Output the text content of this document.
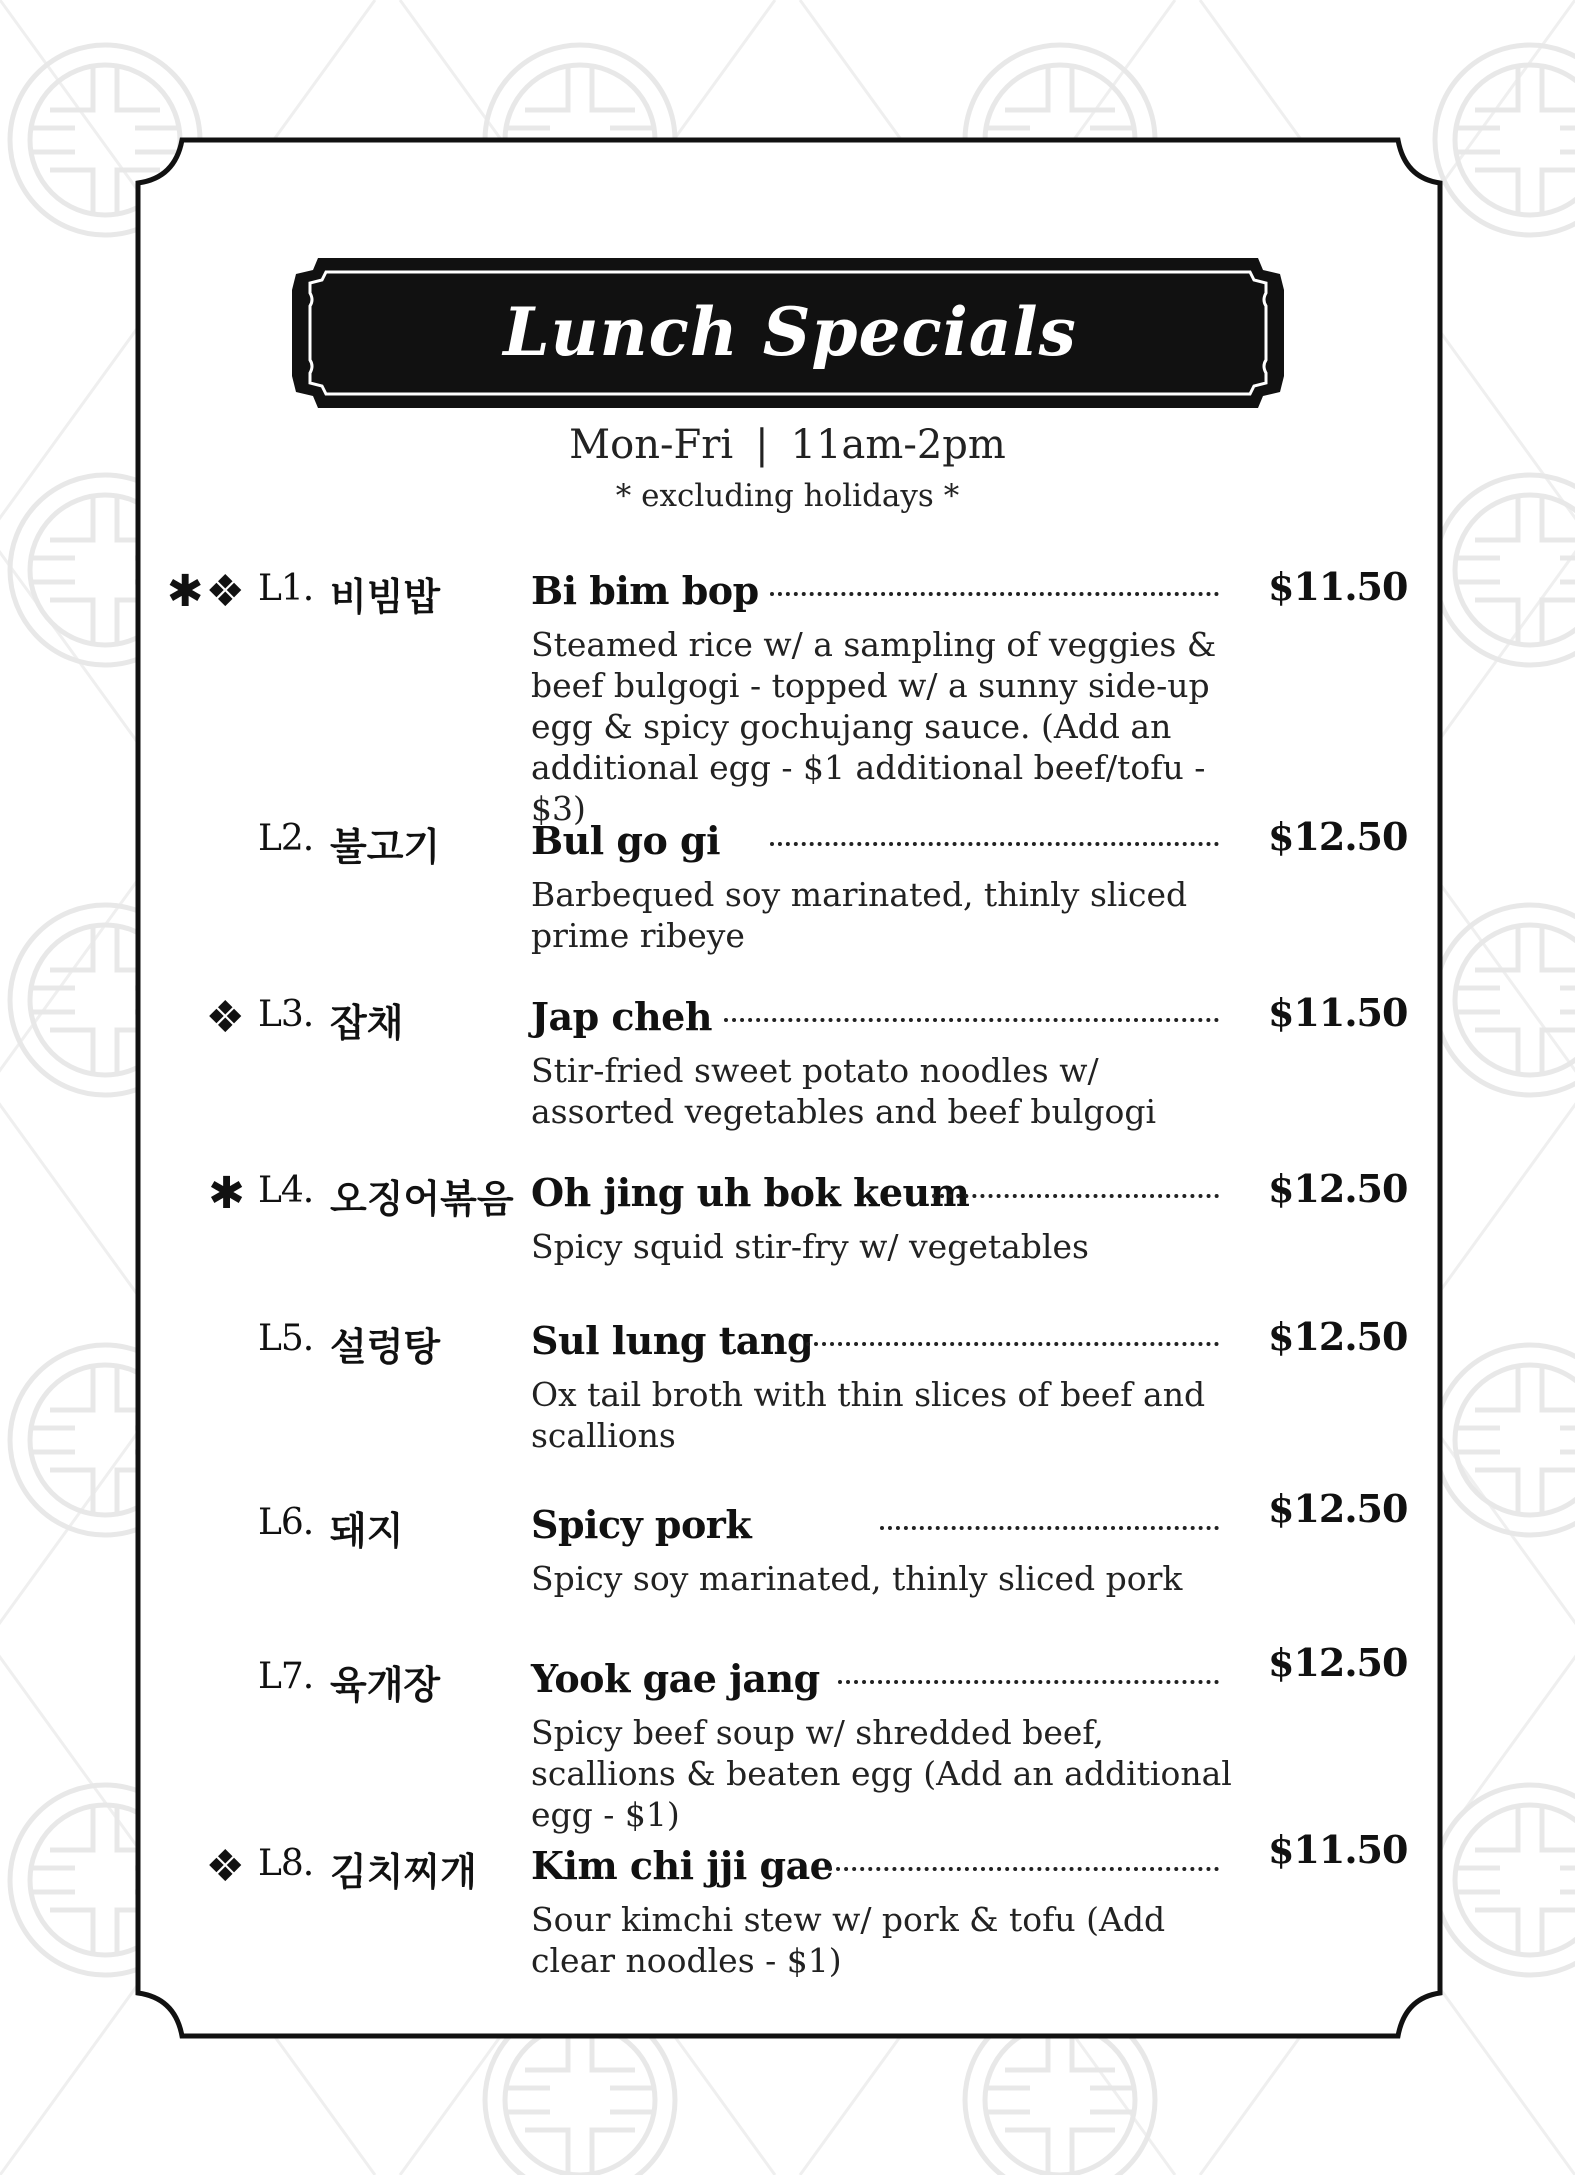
Lunch Specials
Mon-Fri | 11am-2pm
* excluding holidays *
✱❖ L1. 비빔밥 Bi bim bop	$11.50
Steamed rice w/ a sampling of veggies & beef bulgogi - topped w/ a sunny side-up egg & spicy gochujang sauce. (Add an additional egg - $1 additional beef/tofu - $3)
L2. 불고기 Bul go gi	$12.50
Barbequed soy marinated, thinly sliced prime ribeye
❖ L3. 잡채	Jap cheh	$11.50
Stir-fried sweet potato noodles w/ assorted vegetables and beef bulgogi
✱ L4. 오징어볶음 Oh jing uh bok keum	$12.50
Spicy squid stir-fry w/ vegetables
L5. 설렁탕 Sul lung tang	$12.50
Ox tail broth with thin slices of beef and scallions
L6. 돼지	Spicy pork	$12.50
Spicy soy marinated, thinly sliced pork
L7. 육개장 Yook gae jang	$12.50
Spicy beef soup w/ shredded beef, scallions & beaten egg (Add an additional egg - $1)
❖ L8. 김치찌개 Kim chi jji gae	$11.50
Sour kimchi stew w/ pork & tofu (Add clear noodles - $1)
